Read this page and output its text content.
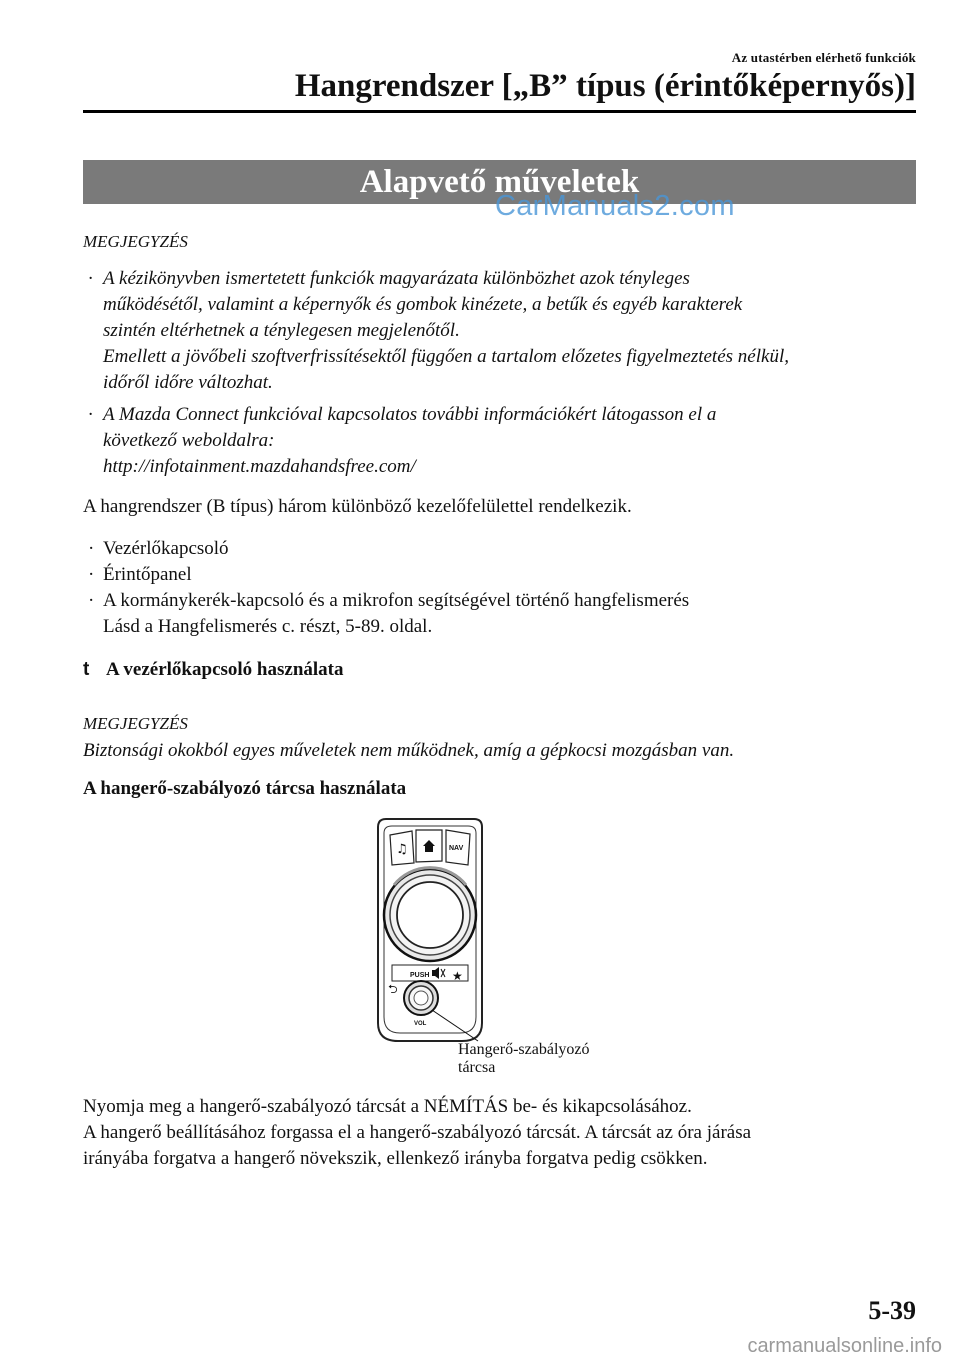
Az utastérben elérhető funkciók
Hangrendszer [„B” típus (érintőképernyős)]
Alapvető műveletek
CarManuals2.com
MEGJEGYZÉS
· A kézikönyvben ismertetett funkciók magyarázata különbözhet azok tényleges
működésétől, valamint a képernyők és gombok kinézete, a betűk és egyéb karakterek
szintén eltérhetnek a ténylegesen megjelenőtől.
Emellett a jövőbeli szoftverfrissítésektől függően a tartalom előzetes figyelmeztetés nélkül,
időről időre változhat.
· A Mazda Connect funkcióval kapcsolatos további információkért látogasson el a
következő weboldalra:
http://infotainment.mazdahandsfree.com/
A hangrendszer (B típus) három különböző kezelőfelülettel rendelkezik.
· Vezérlőkapcsoló
· Érintőpanel
· A kormánykerék-kapcsoló és a mikrofon segítségével történő hangfelismerés
Lásd a Hangfelismerés c. részt, 5-89. oldal.
t A vezérlőkapcsoló használata
MEGJEGYZÉS
Biztonsági okokból egyes műveletek nem működnek, amíg a gépkocsi mozgásban van.
A hangerő-szabályozó tárcsa használata
♫	NAV
PUSH ★
⮌
VOL
Hangerő-szabályozó
tárcsa
Nyomja meg a hangerő-szabályozó tárcsát a NÉMÍTÁS be- és kikapcsolásához.
A hangerő beállításához forgassa el a hangerő-szabályozó tárcsát. A tárcsát az óra járása
irányába forgatva a hangerő növekszik, ellenkező irányba forgatva pedig csökken.
5-39
carmanualsonline.info
